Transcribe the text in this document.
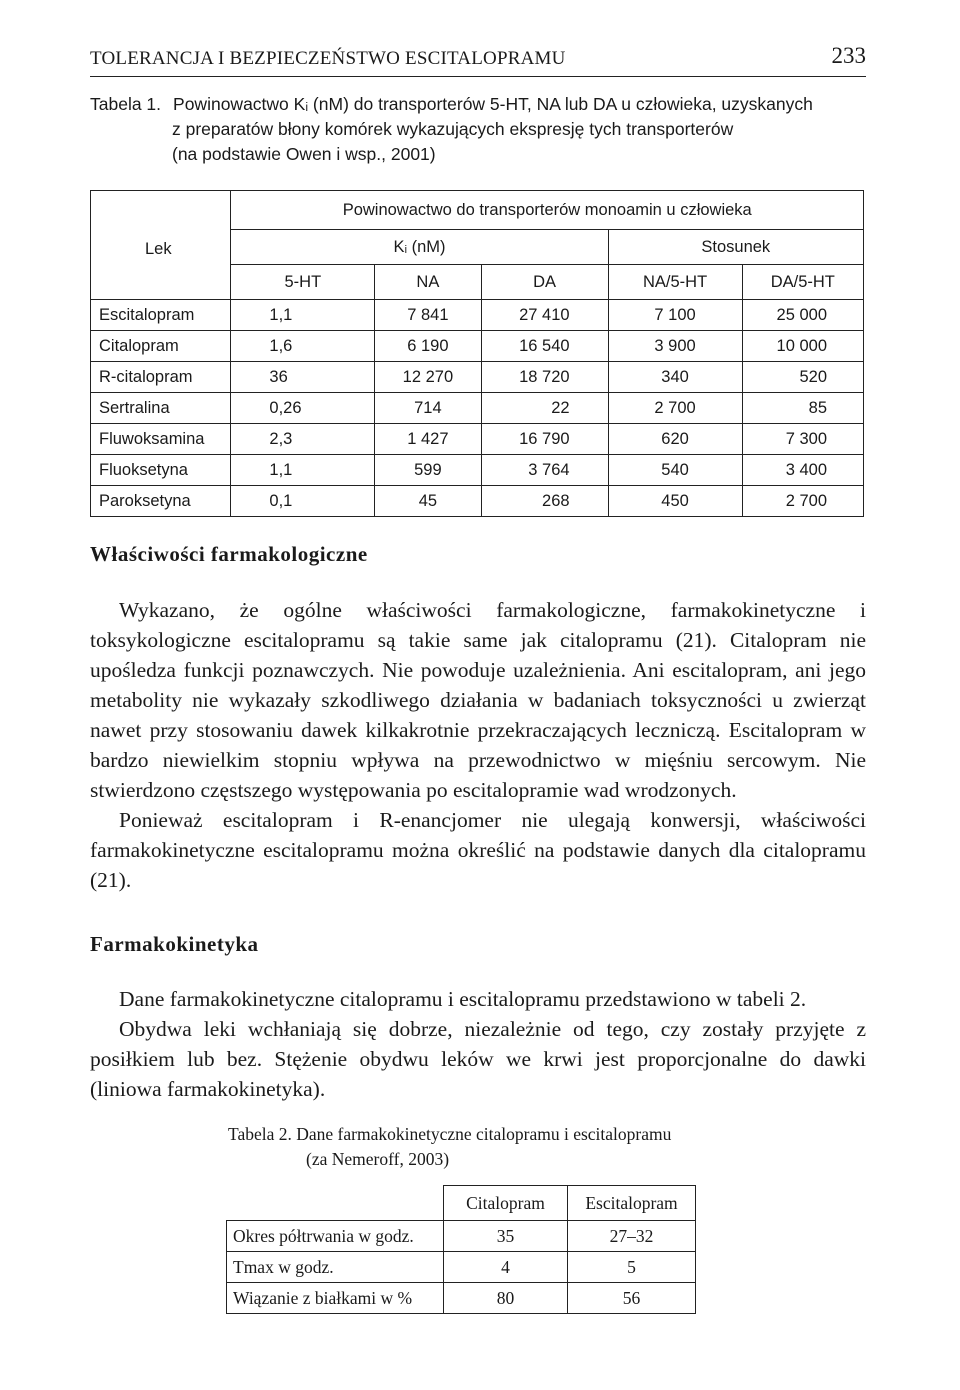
TOLERANCJA I BEZPIECZEŃSTWO ESCITALOPRAMU	233
Tabela 1. Powinowactwo Kᵢ (nM) do transporterów 5-HT, NA lub DA u człowieka, uzyskanych
z preparatów błony komórek wykazujących ekspresję tych transporterów
(na podstawie Owen i wsp., 2001)
Lek	Powinowactwo do transporterów monoamin u człowieka				
	Kᵢ (nM)			Stosunek	
	5-HT	NA	DA	NA/5-HT	DA/5-HT
Escitalopram	1,1	7 841	27 410	7 100	25 000
Citalopram	1,6	6 190	16 540	3 900	10 000
R-citalopram	36	12 270	18 720	340	520
Sertralina	0,26	714	22	2 700	85
Fluwoksamina	2,3	1 427	16 790	620	7 300
Fluoksetyna	1,1	599	3 764	540	3 400
Paroksetyna	0,1	45	268	450	2 700
Właściwości farmakologiczne

Wykazano, że ogólne właściwości farmakologiczne, farmakokinetyczne i toksykologiczne escitalopramu są takie same jak citalopramu (21). Citalopram nie upośledza funkcji poznawczych. Nie powoduje uzależnienia. Ani escitalopram, ani jego metabolity nie wykazały szkodliwego działania w badaniach toksyczności u zwierząt nawet przy stosowaniu dawek kilkakrotnie przekraczających leczniczą. Escitalopram w bardzo niewielkim stopniu wpływa na przewodnictwo w mięśniu sercowym. Nie stwierdzono częstszego występowania po escitalopramie wad wrodzonych.

Ponieważ escitalopram i R-enancjomer nie ulegają konwersji, właściwości farmakokinetyczne escitalopramu można określić na podstawie danych dla citalopramu (21).

Farmakokinetyka

Dane farmakokinetyczne citalopramu i escitalopramu przedstawiono w tabeli 2.

Obydwa leki wchłaniają się dobrze, niezależnie od tego, czy zostały przyjęte z posiłkiem lub bez. Stężenie obydwu leków we krwi jest proporcjonalne do dawki (liniowa farmakokinetyka).

Tabela 2. Dane farmakokinetyczne citalopramu i escitalopramu
(za Nemeroff, 2003)
	Citalopram	Escitalopram
Okres półtrwania w godz.	35	27–32
Tmax w godz.	4	5
Wiązanie z białkami w %	80	56
